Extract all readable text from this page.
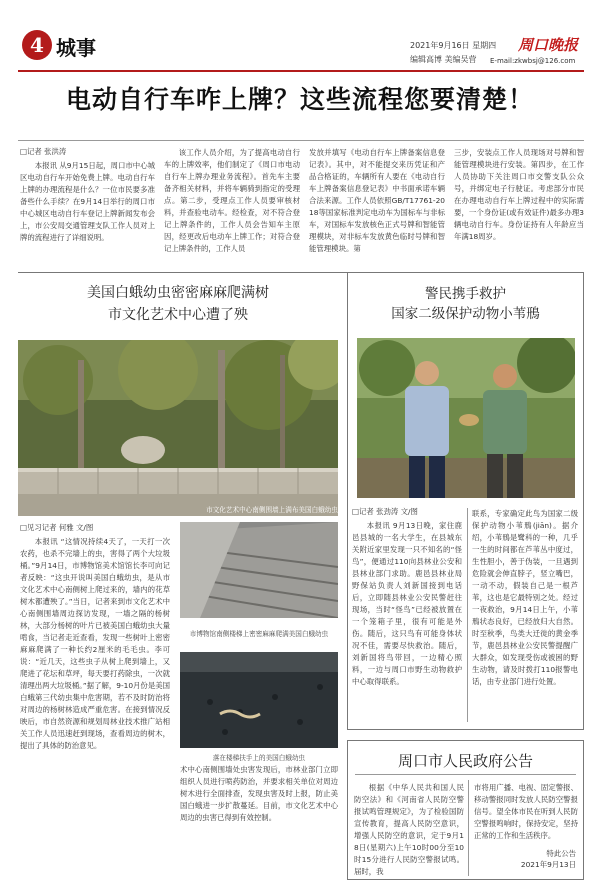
4 城事	2021年9月16日 星期四
编辑高博 美编吴营
周口晚报
E-mail:zkwbsj@126.com
电动自行车咋上牌？这些流程您要清楚！
□记者 张洪涛
本报讯 从9月15日起，周口市中心城区电动自行车开始免费上牌。电动自行车上牌的办理流程是什么？一位市民要多准备些什么手续？在9月14日举行的周口市中心城区电动自行车登记上牌新闻发布会上，市公安局交通管理支队工作人员对上牌的流程进行了详细说明。
该工作人员介绍，为了提高电动自行车的上牌效率，他们制定了《周口市电动自行车上牌办理业务流程》。首先车主要备齐相关材料，并将车辆骑到指定的受理点。第二步，受理点工作人员要审核材料，并查验电动车。经检查，对不符合登记上牌条件的，工作人员会告知车主原因，经更改后电动车上牌工作；对符合登记上牌条件的，工作人员
发放并填写《电动自行车上牌备案信息登记表》。其中，对不能提交来历凭证和产品合格证的，车辆所有人要在《电动自行车上牌备案信息登记表》中书面承诺车辆合法来源。工作人员依照GB/T17761-2018等国家标准判定电动车为国标车与非标车，对国标车发放核色正式号牌和智能管理模块，对非标车发放黄色临时号牌和智能管理模块。第
三步，安装点工作人员现场对号牌和智能管理模块进行安装。第四步，在工作人员协助下关注周口市交警支队公众号，并绑定电子行驶证。考虑部分市民在办理电动自行车上牌过程中的实际需要，一个身份证(或有效证件)最多办理3辆电动自行车。身份证持有人年龄应当年满18周岁。
美国白蛾幼虫密密麻麻爬满树
市文化艺术中心遭了殃
市文化艺术中心南侧围墙上满布美国白蛾幼虫
□见习记者 何雅 文/图
本报讯 “这情况持续4天了，一天打一次农药，也杀不完墙上的虫，害得了两个大垃圾桶。”9月14日，市博物馆美术馆馆长李可向记者反映：“这虫开说叫美国白蛾幼虫，是从市文化艺术中心南侧树上爬过来的，墙内的花草树木都遭殃了。”当日，记者来到市文化艺术中心南侧围墙周边探访发现，一墙之隔的杨树林，大部分杨树的叶片已被美国白蛾幼虫大量啃食，当记者走近查看，发现一些树叶上密密麻麻爬满了一种长约2厘米的毛毛虫。李可说：“近几天，这些虫子从树上爬到墙上，又爬进了花坛和草坪，每天要打药除虫，一次就清理出两大垃圾桶。”据了解，9-10月份是美国白蛾第三代幼虫集中危害期，若不及时防治将对周边的杨树林造成严重危害。在接到情况反映后，市自然资源和规划局林业技术推广站相关工作人员迅速赶到现场，查看周边的树木，提出了具体的防治意见。
市博物馆南侧楼梯上密密麻麻爬满美国白蛾幼虫
落在楼梯扶手上的美国白蛾幼虫
术中心南侧围墙处虫害发现后，市林业部门立即组织人员进行喷药防治，并要求相关单位对周边树木进行全面排查，发现虫害及时上报，防止美国白蛾进一步扩散蔓延。目前，市文化艺术中心周边的虫害已得到有效控制。
警民携手救护
国家二级保护动物小苇鳽
□记者 张劲涛 文/图
本报讯 9月13日晚，家住鹿邑县城的一名大学生，在县城东关附近家里发现一只不知名的“怪鸟”，便通过110向县林业公安和县林业部门求助。鹿邑县林业局野保站负责人刘新国接到电话后，立即随县林业公安民警赶往现场，当时“怪鸟”已经被放置在一个笼箱子里，很有可能是外伤。随后，这只鸟有可能身体状况不佳，需要尽快救治。随后，刘新国将鸟带回，一边精心照料，一边与周口市野生动物救护中心取得联系。
联系，专家确定此鸟为国家二级保护动物小苇鳽(jiān)。据介绍，小苇鳽是鹭科的一种，几乎一生的时间都在芦苇丛中度过，生性胆小，善于伪装，一旦遇到危险就会伸直脖子，竖立嘴巴，一动不动，假装自己是一根芦苇，这也是它最特别之处。经过一夜救治，9月14日上午，小苇鳽状态良好，已经放归大自然。时至秋季，鸟类大迁徙的黄金季节，鹿邑县林业公安民警提醒广大群众，如发现受伤或被困的野生动物，请及时拨打110报警电话，由专业部门进行处置。
周口市人民政府公告
根据《中华人民共和国人民防空法》和《河南省人民防空警报试鸣管理规定》，为了检验国防宣传教育，提高人民防空意识，增强人民防空的意识，定于9月18日(星期六)上午10时00分至10时15分进行人民防空警报试鸣。届时，我
市将用广播、电视、固定警报、移动警报同时发放人民防空警报信号。望全体市民在听到人民防空警报鸣响时，保持安定，坚持正常的工作和生活秩序。
特此公告
2021年9月13日
